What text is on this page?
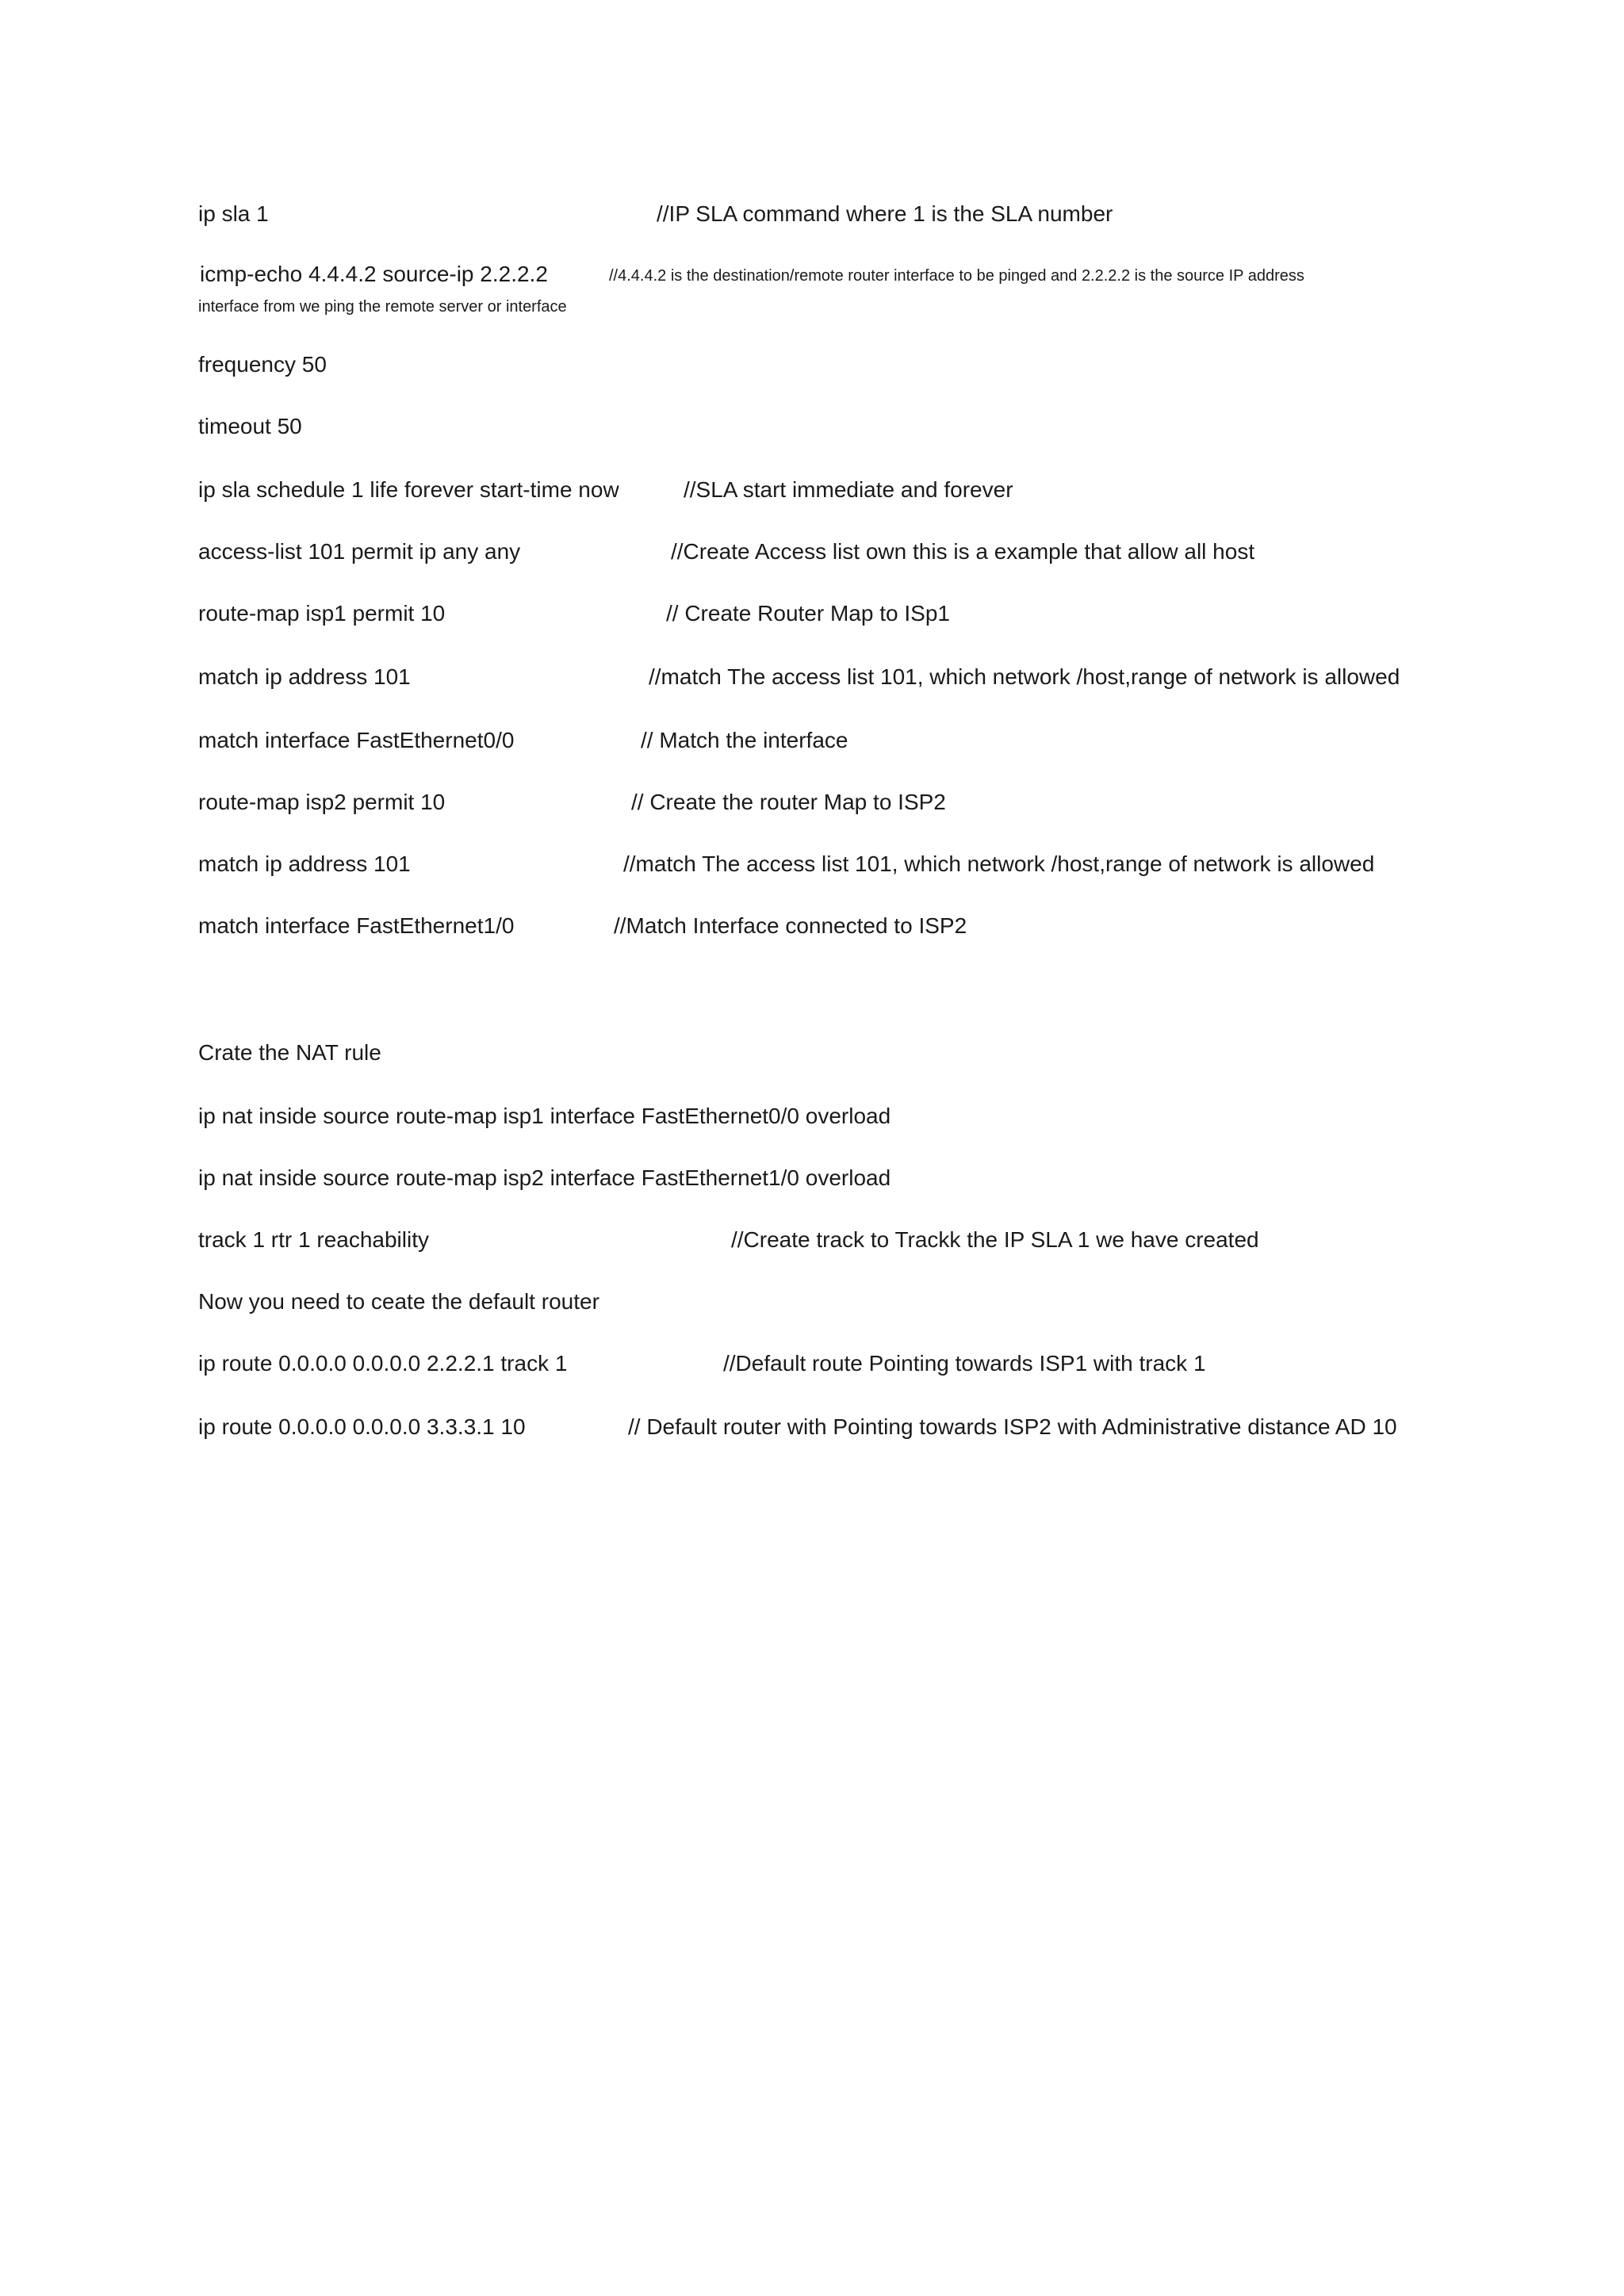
ip sla 1	//IP SLA command where 1 is the SLA number
icmp-echo 4.4.4.2 source-ip 2.2.2.2	//4.4.4.2 is the destination/remote router interface to be pinged and 2.2.2.2 is the source IP address
interface from we ping the remote server or interface
frequency 50
timeout 50
ip sla schedule 1 life forever start-time now	//SLA start immediate and forever
access-list 101 permit ip any any	//Create Access list own this is a example that allow all host
route-map isp1 permit 10	// Create Router Map to ISp1
match ip address 101	//match The access list 101, which network /host,range of network is allowed
match interface FastEthernet0/0	// Match the interface
route-map isp2 permit 10	// Create the router Map to ISP2
match ip address 101	//match The access list 101, which network /host,range of network is allowed
match interface FastEthernet1/0	//Match Interface connected to ISP2
Crate the NAT rule
ip nat inside source route-map isp1 interface FastEthernet0/0 overload
ip nat inside source route-map isp2 interface FastEthernet1/0 overload
track 1 rtr 1 reachability	//Create track to Trackk the IP SLA 1 we have created
Now you need to ceate the default router
ip route 0.0.0.0 0.0.0.0 2.2.2.1 track 1	//Default route Pointing towards ISP1 with track 1
ip route 0.0.0.0 0.0.0.0 3.3.3.1 10	// Default router with Pointing towards ISP2 with Administrative distance AD 10
